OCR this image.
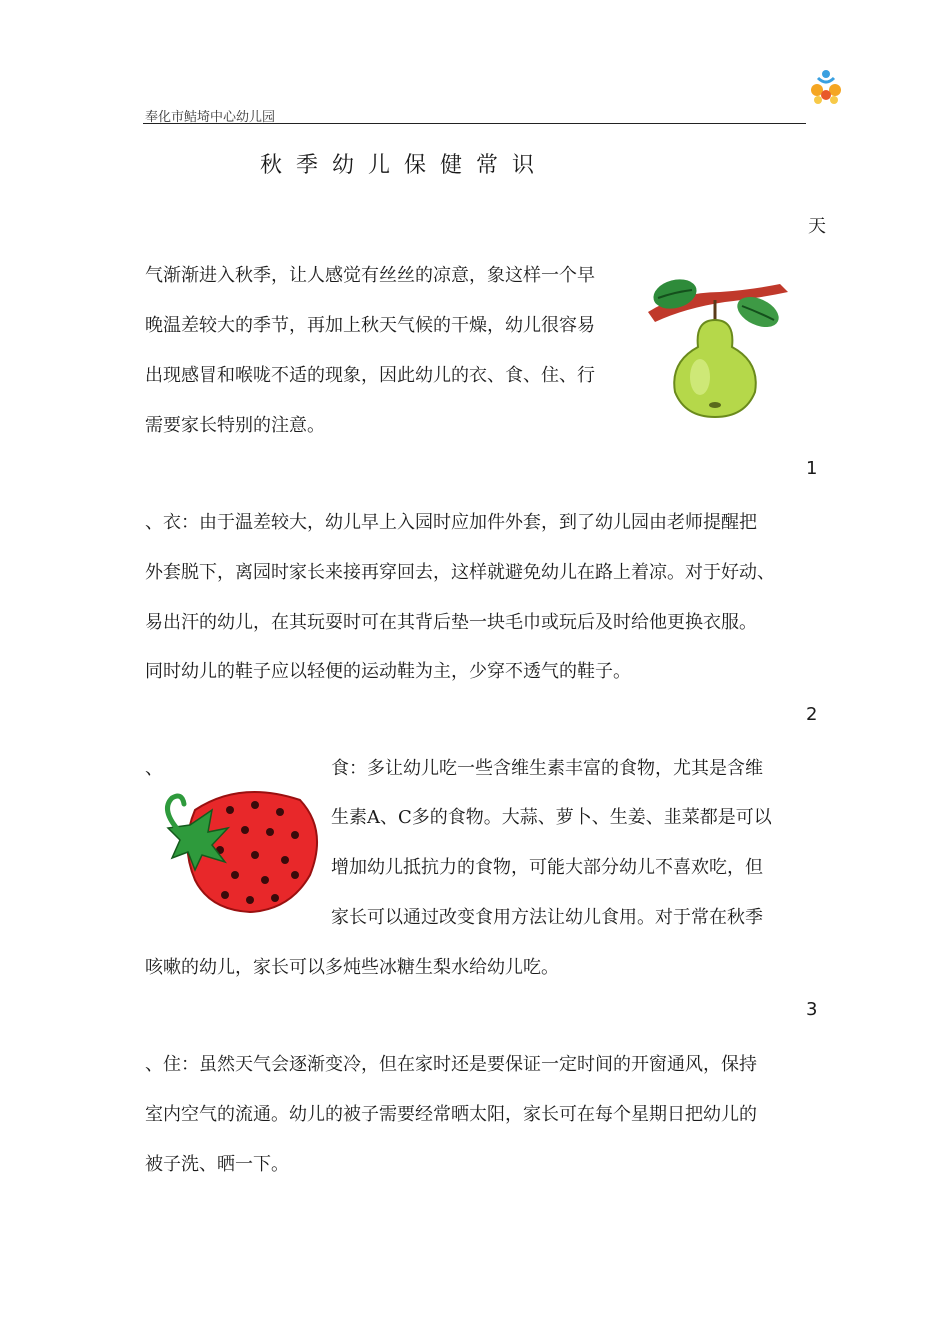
奉化市鲒埼中心幼儿园
秋季幼儿保健常识
天
气渐渐进入秋季，让人感觉有丝丝的凉意，象这样一个早
晚温差较大的季节，再加上秋天气候的干燥，幼儿很容易
出现感冒和喉咙不适的现象，因此幼儿的衣、食、住、行
需要家长特别的注意。
1
、衣：由于温差较大，幼儿早上入园时应加件外套，到了幼儿园由老师提醒把
外套脱下，离园时家长来接再穿回去，这样就避免幼儿在路上着凉。对于好动、
易出汗的幼儿，在其玩耍时可在其背后垫一块毛巾或玩后及时给他更换衣服。
同时幼儿的鞋子应以轻便的运动鞋为主，少穿不透气的鞋子。
2
、	食：多让幼儿吃一些含维生素丰富的食物，尤其是含维
生素A、C多的食物。大蒜、萝卜、生姜、韭菜都是可以
增加幼儿抵抗力的食物，可能大部分幼儿不喜欢吃，但
家长可以通过改变食用方法让幼儿食用。对于常在秋季
咳嗽的幼儿，家长可以多炖些冰糖生梨水给幼儿吃。
3
、住：虽然天气会逐渐变冷，但在家时还是要保证一定时间的开窗通风，保持
室内空气的流通。幼儿的被子需要经常晒太阳，家长可在每个星期日把幼儿的
被子洗、晒一下。
